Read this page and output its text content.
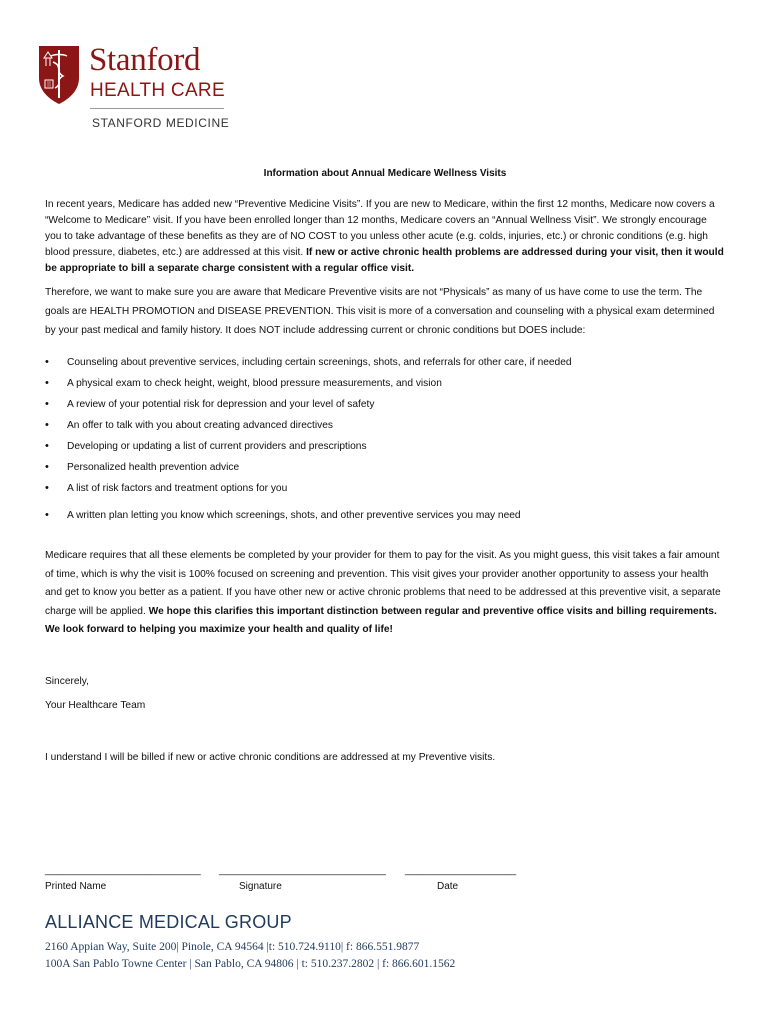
Stanford
HEALTH CARE
STANFORD MEDICINE
Information about Annual Medicare Wellness Visits

In recent years, Medicare has added new “Preventive Medicine Visits”. If you are new to Medicare, within the first 12 months, Medicare now covers a “Welcome to Medicare” visit. If you have been enrolled longer than 12 months, Medicare covers an “Annual Wellness Visit”. We strongly encourage you to take advantage of these benefits as they are of NO COST to you unless other acute (e.g. colds, injuries, etc.) or chronic conditions (e.g. high blood pressure, diabetes, etc.) are addressed at this visit. If new or active chronic health problems are addressed during your visit, then it would be appropriate to bill a separate charge consistent with a regular office visit.

Therefore, we want to make sure you are aware that Medicare Preventive visits are not “Physicals” as many of us have come to use the term. The goals are HEALTH PROMOTION and DISEASE PREVENTION. This visit is more of a conversation and counseling with a physical exam determined by your past medical and family history. It does NOT include addressing current or chronic conditions but DOES include:

• Counseling about preventive services, including certain screenings, shots, and referrals for other care, if needed
• A physical exam to check height, weight, blood pressure measurements, and vision
• A review of your potential risk for depression and your level of safety
• An offer to talk with you about creating advanced directives
• Developing or updating a list of current providers and prescriptions
• Personalized health prevention advice
• A list of risk factors and treatment options for you
• A written plan letting you know which screenings, shots, and other preventive services you may need

Medicare requires that all these elements be completed by your provider for them to pay for the visit. As you might guess, this visit takes a fair amount of time, which is why the visit is 100% focused on screening and prevention. This visit gives your provider another opportunity to assess your health and get to know you better as a patient. If you have other new or active chronic problems that need to be addressed at this preventive visit, a separate charge will be applied. We hope this clarifies this important distinction between regular and preventive office visits and billing requirements. We look forward to helping you maximize your health and quality of life!

Sincerely,
Your Healthcare Team

I understand I will be billed if new or active chronic conditions are addressed at my Preventive visits.

____________________________
Printed Name
______________________________
Signature
____________________
Date
ALLIANCE MEDICAL GROUP
2160 Appian Way, Suite 200| Pinole, CA 94564 |t: 510.724.9110| f: 866.551.9877
100A San Pablo Towne Center | San Pablo, CA 94806 | t: 510.237.2802 | f: 866.601.1562
